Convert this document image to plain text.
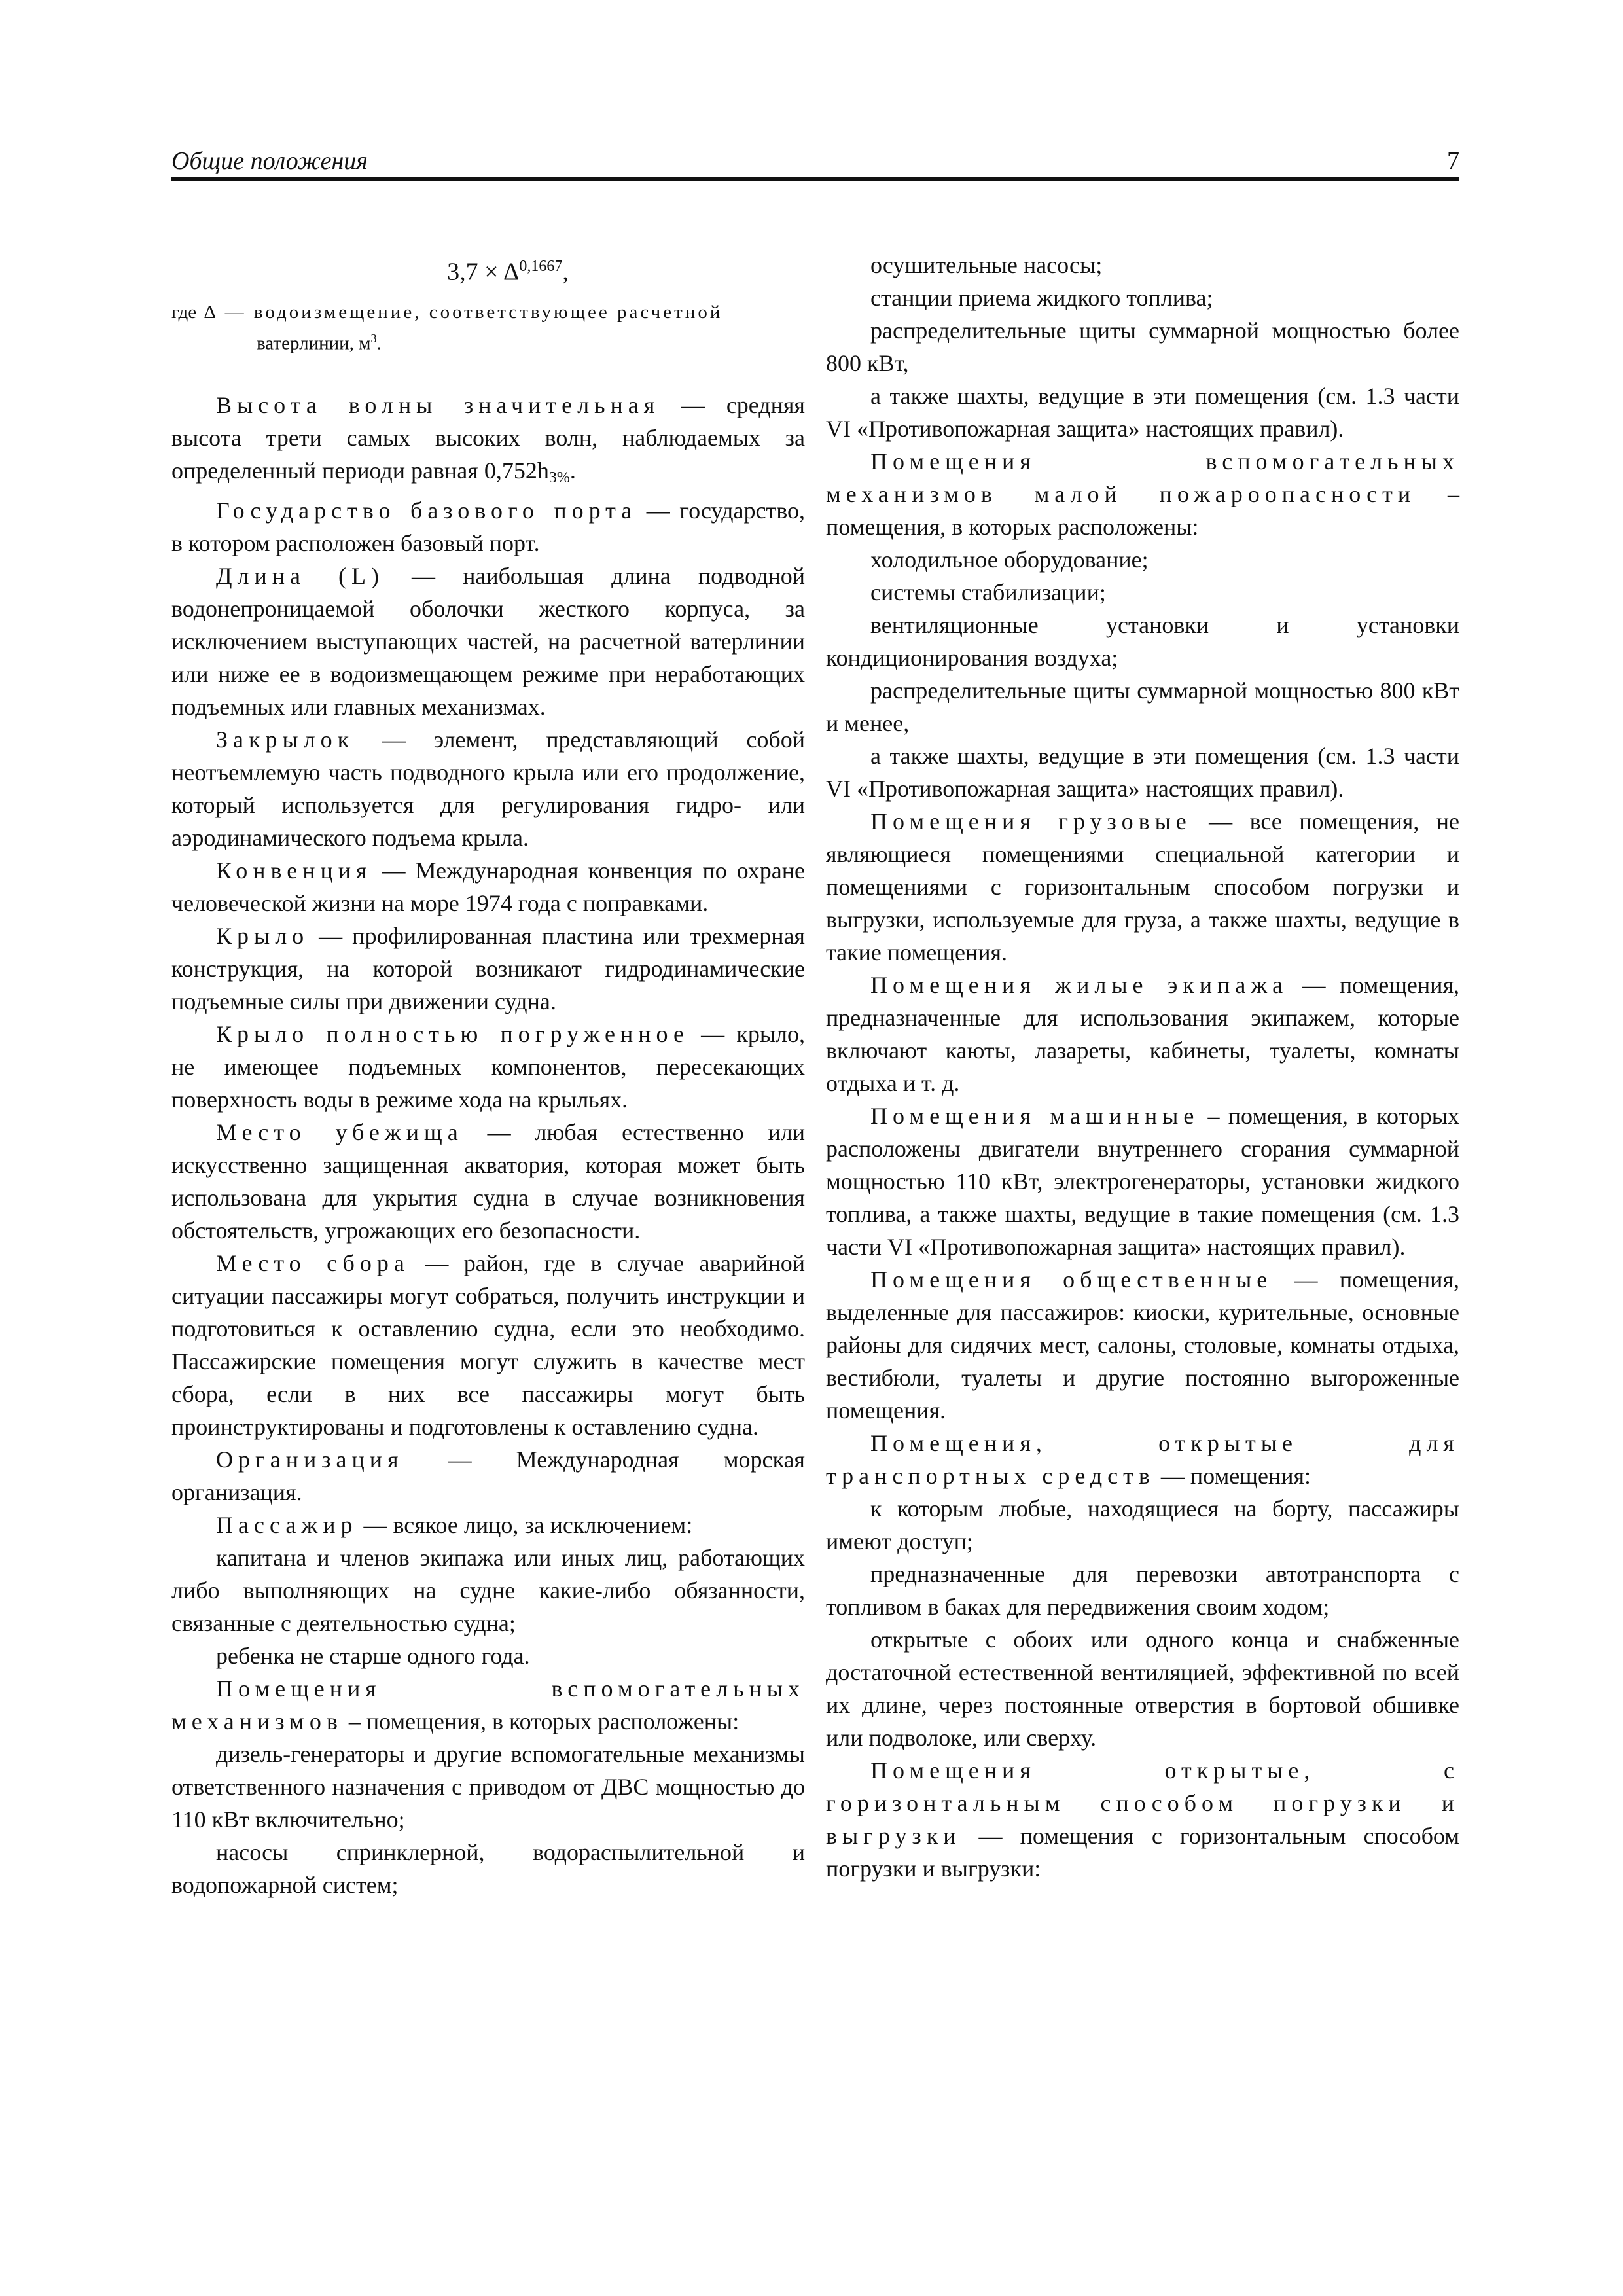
Общие положения	7
$3,7 \times \Delta^{0,1667}$,
где Δ — водоизмещение, соответствующее расчетной
ватерлинии, $м^3$.

Высота волны значительная — средняя высота трети самых высоких волн, наблюдаемых за определенный периоди равная $0,752h_{3\%}$.

Государство базового порта — государство, в котором расположен базовый порт.

Длина (L) — наибольшая длина подводной водонепроницаемой оболочки жесткого корпуса, за исключением выступающих частей, на расчетной ватерлинии или ниже ее в водоизмещающем режиме при неработающих подъемных или главных механизмах.

Закрылок — элемент, представляющий собой неотъемлемую часть подводного крыла или его продолжение, который используется для регулирования гидро- или аэродинамического подъема крыла.

Конвенция — Международная конвенция по охране человеческой жизни на море 1974 года с поправками.

Крыло — профилированная пластина или трехмерная конструкция, на которой возникают гидродинамические подъемные силы при движении судна.

Крыло полностью погруженное — крыло, не имеющее подъемных компонентов, пересекающих поверхность воды в режиме хода на крыльях.

Место убежища — любая естественно или искусственно защищенная акватория, которая может быть использована для укрытия судна в случае возникновения обстоятельств, угрожающих его безопасности.

Место сбора — район, где в случае аварийной ситуации пассажиры могут собраться, получить инструкции и подготовиться к оставлению судна, если это необходимо. Пассажирские помещения могут служить в качестве мест сбора, если в них все пассажиры могут быть проинструктированы и подготовлены к оставлению судна.

Организация — Международная морская организация.

Пассажир — всякое лицо, за исключением:

капитана и членов экипажа или иных лиц, работающих либо выполняющих на судне какие-либо обязанности, связанные с деятельностью судна;

ребенка не старше одного года.

Помещения вспомогательных механизмов – помещения, в которых расположены:

дизель-генераторы и другие вспомогательные механизмы ответственного назначения с приводом от ДВС мощностью до 110 кВт включительно;

насосы спринклерной, водораспылительной и водопожарной систем;

осушительные насосы;

станции приема жидкого топлива;

распределительные щиты суммарной мощностью более 800 кВт,

а также шахты, ведущие в эти помещения (см. 1.3 части VI «Противопожарная защита» настоящих правил).

Помещения вспомогательных механизмов малой пожароопасности – помещения, в которых расположены:

холодильное оборудование;

системы стабилизации;

вентиляционные установки и установки кондиционирования воздуха;

распределительные щиты суммарной мощностью 800 кВт и менее,

а также шахты, ведущие в эти помещения (см. 1.3 части VI «Противопожарная защита» настоящих правил).

Помещения грузовые — все помещения, не являющиеся помещениями специальной категории и помещениями с горизонтальным способом погрузки и выгрузки, используемые для груза, а также шахты, ведущие в такие помещения.

Помещения жилые экипажа — помещения, предназначенные для использования экипажем, которые включают каюты, лазареты, кабинеты, туалеты, комнаты отдыха и т. д.

Помещения машинные – помещения, в которых расположены двигатели внутреннего сгорания суммарной мощностью 110 кВт, электрогенераторы, установки жидкого топлива, а также шахты, ведущие в такие помещения (см. 1.3 части VI «Противопожарная защита» настоящих правил).

Помещения общественные — помещения, выделенные для пассажиров: киоски, курительные, основные районы для сидячих мест, салоны, столовые, комнаты отдыха, вестибюли, туалеты и другие постоянно выгороженные помещения.

Помещения, открытые для транспортных средств — помещения:

к которым любые, находящиеся на борту, пассажиры имеют доступ;

предназначенные для перевозки автотранспорта с топливом в баках для передвижения своим ходом;

открытые с обоих или одного конца и снабженные достаточной естественной вентиляцией, эффективной по всей их длине, через постоянные отверстия в бортовой обшивке или подволоке, или сверху.

Помещения открытые, с горизонтальным способом погрузки и выгрузки — помещения с горизонтальным способом погрузки и выгрузки:
